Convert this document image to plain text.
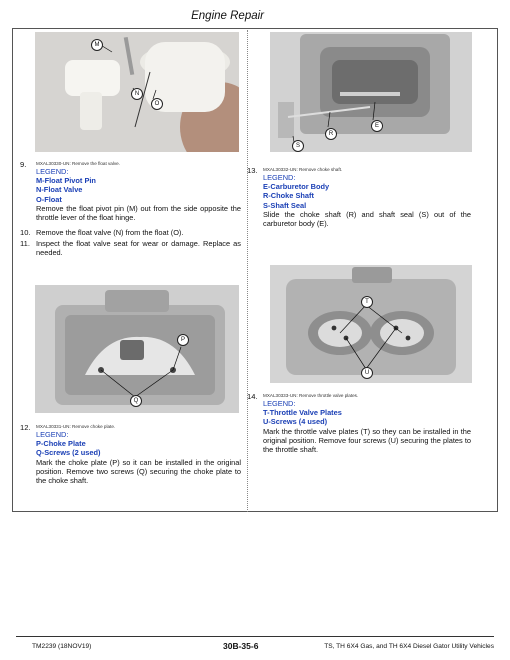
Engine Repair
M
N
O
R
S
E
P
Q
T
U
9. MXAL30330-UN: Remove the float valve.
LEGEND:
M-Float Pivot Pin
N-Float Valve
O-Float
Remove the float pivot pin (M) out from the side opposite the throttle lever of the float hinge.
10. Remove the float valve (N) from the float (O).
11. Inspect the float valve seat for wear or damage. Replace as needed.
12. MXAL30331-UN: Remove choke plate.
LEGEND:
P-Choke Plate
Q-Screws (2 used)
Mark the choke plate (P) so it can be installed in the original position. Remove two screws (Q) securing the choke plate to the choke shaft.
13. MXAL30332-UN: Remove choke shaft.
LEGEND:
E-Carburetor Body
R-Choke Shaft
S-Shaft Seal
Slide the choke shaft (R) and shaft seal (S) out of the carburetor body (E).
14. MXAL30333-UN: Remove throttle valve plates.
LEGEND:
T-Throttle Valve Plates
U-Screws (4 used)
Mark the throttle valve plates (T) so they can be installed in the original position. Remove four screws (U) securing the plates to the throttle shaft.
TM2239 (18NOV19)	30B-35-6	TS, TH 6X4 Gas, and TH 6X4 Diesel Gator Utility Vehicles
